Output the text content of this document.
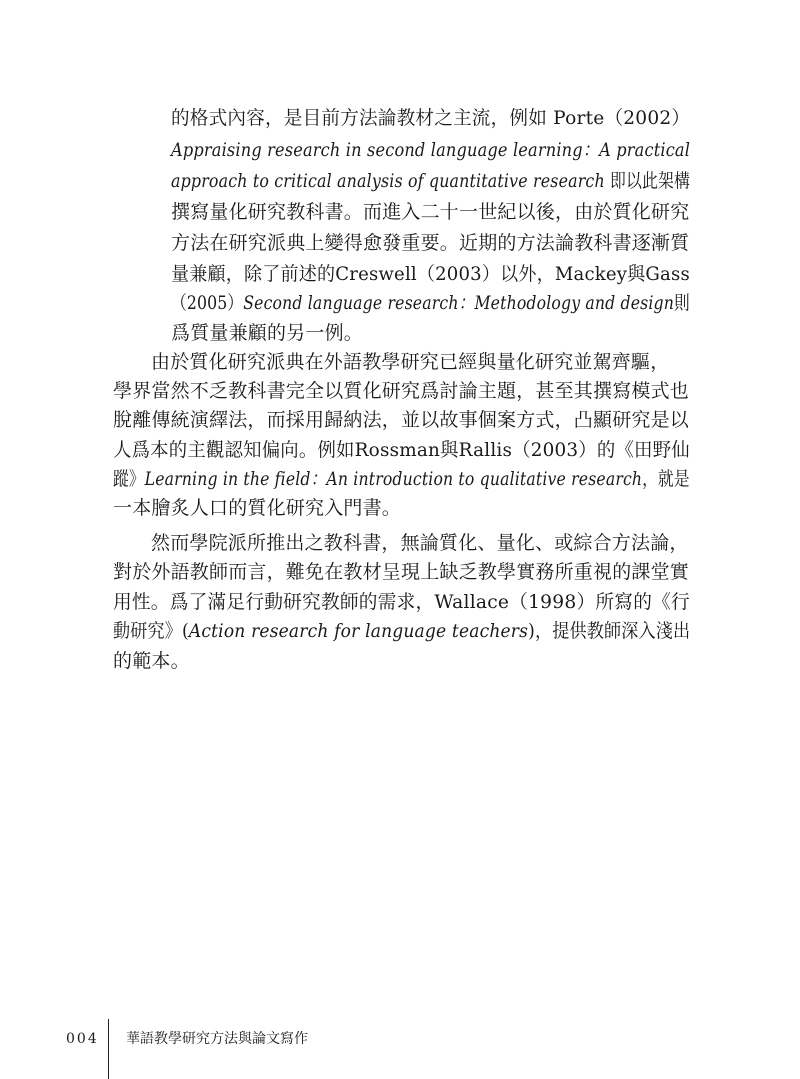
的格式內容，是目前方法論教材之主流，例如 Porte（2002）
Appraising research in second language learning：A practical
approach to critical analysis of quantitative research 即以此架構
撰寫量化研究教科書。而進入二十一世紀以後，由於質化研究
方法在研究派典上變得愈發重要。近期的方法論教科書逐漸質
量兼顧，除了前述的Creswell（2003）以外，Mackey與Gass
（2005）Second language research：Methodology and design則
爲質量兼顧的另一例。
由於質化研究派典在外語教學研究已經與量化研究並駕齊驅，
學界當然不乏教科書完全以質化研究爲討論主題，甚至其撰寫模式也
脫離傳統演繹法，而採用歸納法，並以故事個案方式，凸顯研究是以
人爲本的主觀認知偏向。例如Rossman與Rallis（2003）的《田野仙
蹤》Learning in the field：An introduction to qualitative research，就是
一本膾炙人口的質化研究入門書。
然而學院派所推出之教科書，無論質化、量化、或綜合方法論，
對於外語教師而言，難免在教材呈現上缺乏教學實務所重視的課堂實
用性。爲了滿足行動研究教師的需求，Wallace（1998）所寫的《行
動研究》(Action research for language teachers)，提供教師深入淺出
的範本。
004 華語教學研究方法與論文寫作
